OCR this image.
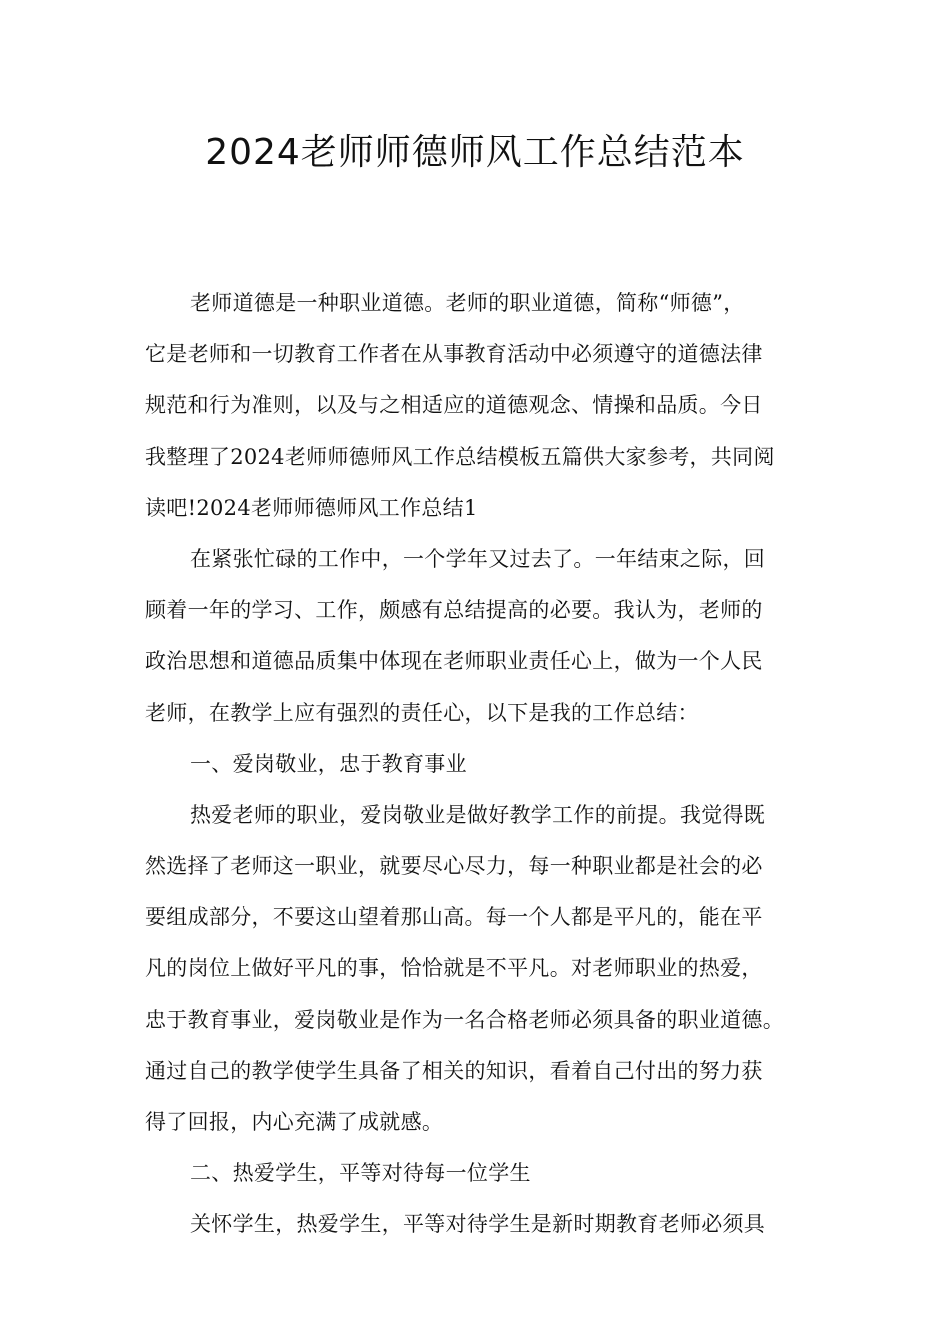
2024老师师德师风工作总结范本
老师道德是一种职业道德。老师的职业道德，简称“师德”，
它是老师和一切教育工作者在从事教育活动中必须遵守的道德法律
规范和行为准则，以及与之相适应的道德观念、情操和品质。今日
我整理了2024老师师德师风工作总结模板五篇供大家参考，共同阅
读吧!2024老师师德师风工作总结1
在紧张忙碌的工作中，一个学年又过去了。一年结束之际，回
顾着一年的学习、工作，颇感有总结提高的必要。我认为，老师的
政治思想和道德品质集中体现在老师职业责任心上，做为一个人民
老师，在教学上应有强烈的责任心，以下是我的工作总结：
一、爱岗敬业，忠于教育事业
热爱老师的职业，爱岗敬业是做好教学工作的前提。我觉得既
然选择了老师这一职业，就要尽心尽力，每一种职业都是社会的必
要组成部分，不要这山望着那山高。每一个人都是平凡的，能在平
凡的岗位上做好平凡的事，恰恰就是不平凡。对老师职业的热爱，
忠于教育事业，爱岗敬业是作为一名合格老师必须具备的职业道德。
通过自己的教学使学生具备了相关的知识，看着自己付出的努力获
得了回报，内心充满了成就感。
二、热爱学生，平等对待每一位学生
关怀学生，热爱学生，平等对待学生是新时期教育老师必须具
